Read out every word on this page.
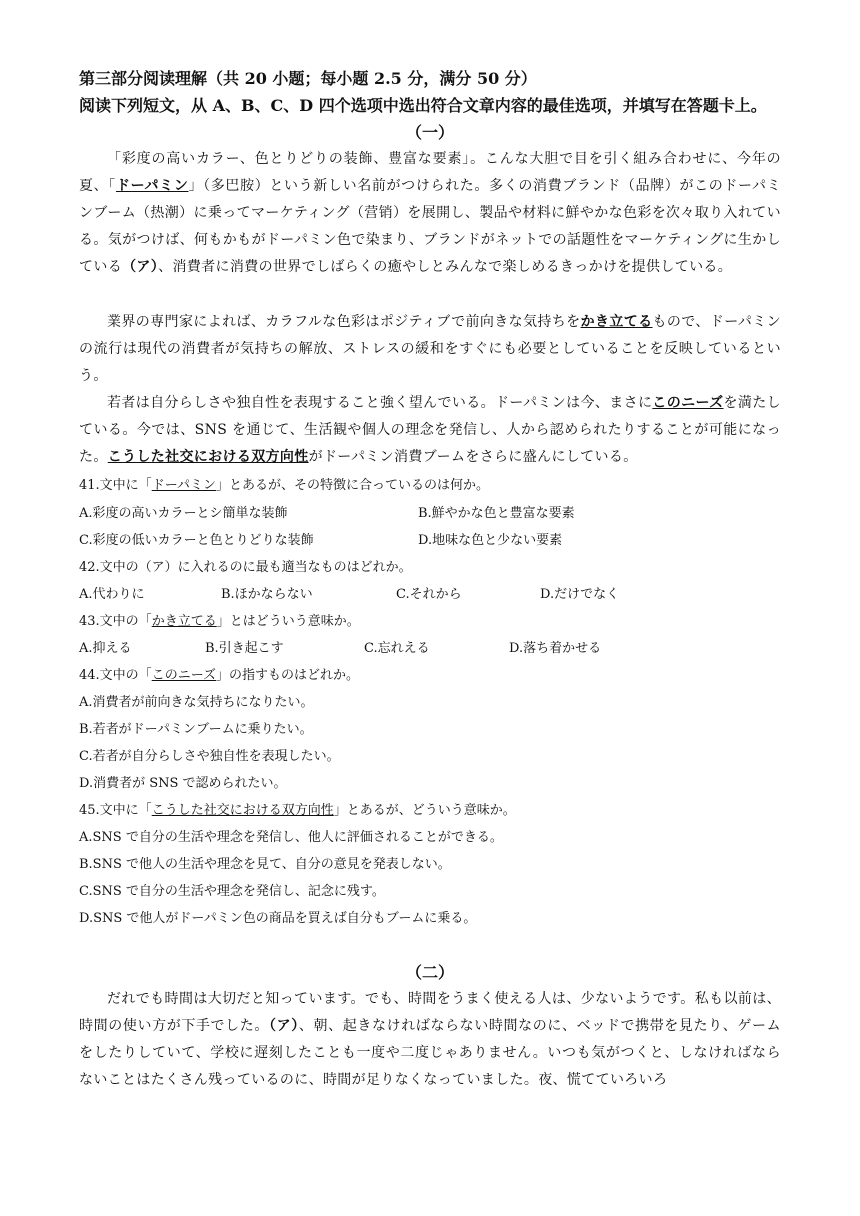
第三部分阅读理解（共 20 小题；每小题 2.5 分，满分 50 分）
阅读下列短文，从 A、B、C、D 四个选项中选出符合文章内容的最佳选项，并填写在答题卡上。
（一）

「彩度の高いカラー、色とりどりの装飾、豊富な要素」。こんな大胆で目を引く組み合わせに、今年の夏、「ドーパミン」（多巴胺）という新しい名前がつけられた。多くの消費ブランド（品牌）がこのドーパミンブーム（热潮）に乗ってマーケティング（营销）を展開し、製品や材料に鮮やかな色彩を次々取り入れている。気がつけば、何もかもがドーパミン色で染まり、ブランドがネットでの話題性をマーケティングに生かしている（ア）、消費者に消費の世界でしばらくの癒やしとみんなで楽しめるきっかけを提供している。

業界の専門家によれば、カラフルな色彩はポジティブで前向きな気持ちをかき立てるもので、ドーパミンの流行は現代の消費者が気持ちの解放、ストレスの緩和をすぐにも必要としていることを反映しているという。

若者は自分らしさや独自性を表現すること強く望んでいる。ドーパミンは今、まさにこのニーズを満たしている。今では、SNS を通じて、生活観や個人の理念を発信し、人から認められたりすることが可能になった。こうした社交における双方向性がドーパミン消費ブームをさらに盛んにしている。

41.文中に「ドーパミン」とあるが、その特徴に合っているのは何か。
A.彩度の高いカラーとシ簡単な装飾	B.鮮やかな色と豊富な要素
C.彩度の低いカラーと色とりどりな装飾	D.地味な色と少ない要素
42.文中の（ア）に入れるのに最も適当なものはどれか。
A.代わりに	B.ほかならない	C.それから	D.だけでなく
43.文中の「かき立てる」とはどういう意味か。
A.抑える	B.引き起こす	C.忘れえる	D.落ち着かせる
44.文中の「このニーズ」の指すものはどれか。
A.消費者が前向きな気持ちになりたい。
B.若者がドーパミンブームに乗りたい。
C.若者が自分らしさや独自性を表現したい。
D.消費者が SNS で認められたい。
45.文中に「こうした社交における双方向性」とあるが、どういう意味か。
A.SNS で自分の生活や理念を発信し、他人に評価されることができる。
B.SNS で他人の生活や理念を見て、自分の意見を発表しない。
C.SNS で自分の生活や理念を発信し、記念に残す。
D.SNS で他人がドーパミン色の商品を買えば自分もブームに乗る。
（二）

だれでも時間は大切だと知っています。でも、時間をうまく使える人は、少ないようです。私も以前は、時間の使い方が下手でした。（ア）、朝、起きなければならない時間なのに、ベッドで携帯を見たり、ゲームをしたりしていて、学校に遅刻したことも一度や二度じゃありません。いつも気がつくと、しなければならないことはたくさん残っているのに、時間が足りなくなっていました。夜、慌てていろいろ
